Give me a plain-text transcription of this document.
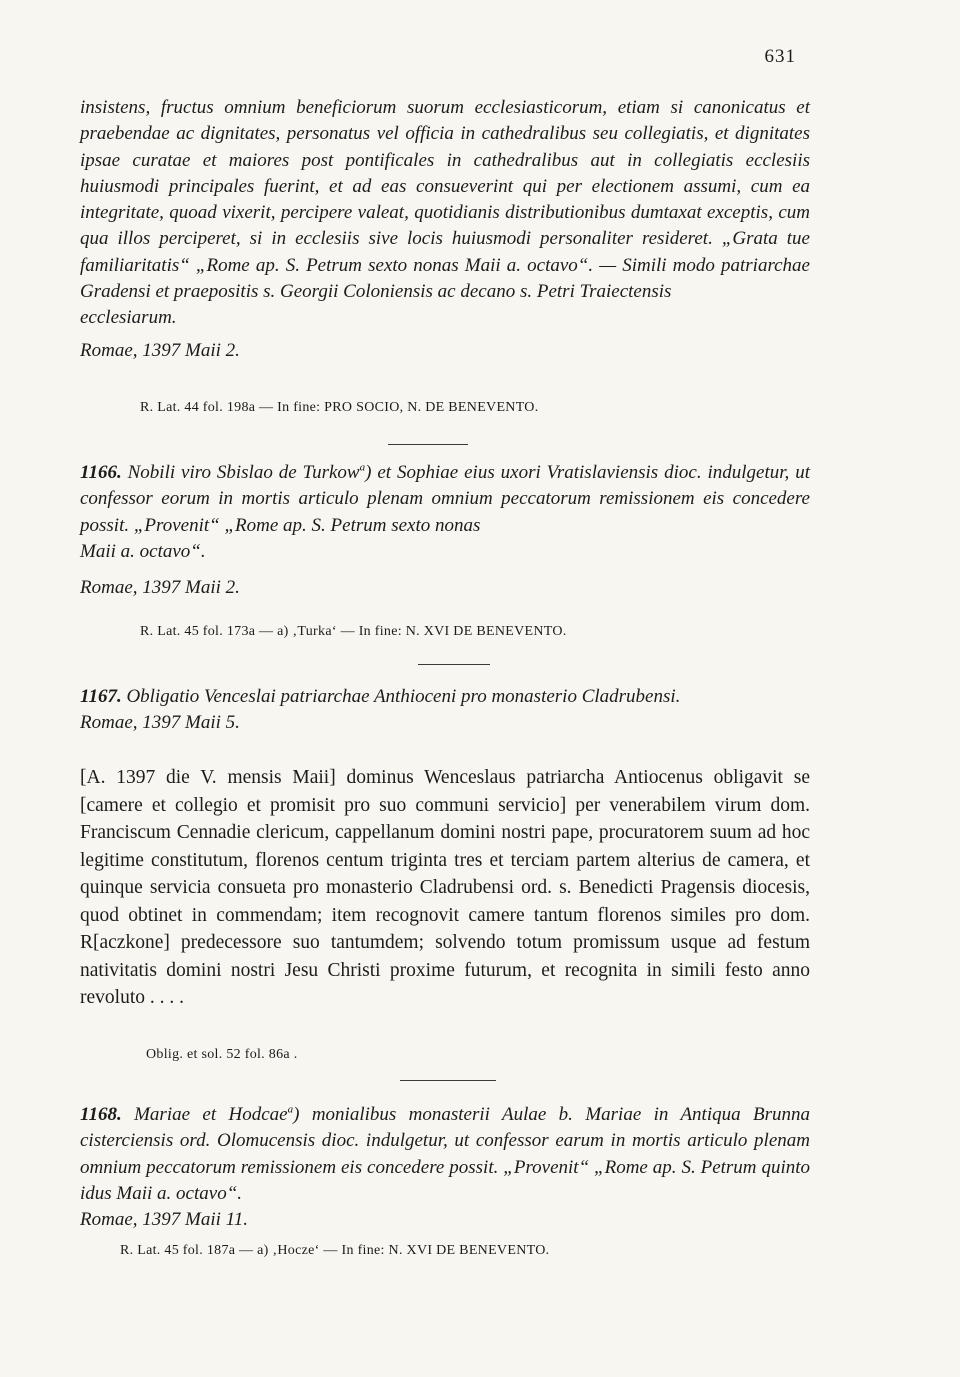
631

insistens, fructus omnium beneficiorum suorum ecclesiasticorum, etiam si canonicatus et praebendae ac dignitates, personatus vel officia in cathedralibus seu collegiatis, et dignitates ipsae curatae et maiores post pontificales in cathedralibus aut in collegiatis ecclesiis huiusmodi principales fuerint, et ad eas consueverint qui per electionem assumi, cum ea integritate, quoad vixerit, percipere valeat, quotidianis distributionibus dumtaxat exceptis, cum qua illos perciperet, si in ecclesiis sive locis huiusmodi personaliter resideret. „Grata tue familiaritatis“ „Rome ap. S. Petrum sexto nonas Maii a. octavo“. — Simili modo patriarchae Gradensi et praepositis s. Georgii Coloniensis ac decano s. Petri Traiectensis

ecclesiarum.

Romae, 1397 Maii 2.

R. Lat. 44 fol. 198a — In fine: PRO SOCIO, N. DE BENEVENTO.

1166. Nobili viro Sbislao de Turkow$^a$) et Sophiae eius uxori Vratislaviensis dioc. indulgetur, ut confessor eorum in mortis articulo plenam omnium peccatorum remissionem eis concedere possit. „Provenit“ „Rome ap. S. Petrum sexto nonas

Maii a. octavo“.

Romae, 1397 Maii 2.

R. Lat. 45 fol. 173a — a) ‚Turka‘ — In fine: N. XVI DE BENEVENTO.

1167. Obligatio Venceslai patriarchae Anthioceni pro monasterio Cladrubensi.

Romae, 1397 Maii 5.

[A. 1397 die V. mensis Maii] dominus Wenceslaus patriarcha Antiocenus obligavit se [camere et collegio et promisit pro suo communi servicio] per venerabilem virum dom. Franciscum Cennadie clericum, cappellanum domini nostri pape, procuratorem suum ad hoc legitime constitutum, florenos centum triginta tres et terciam partem alterius de camera, et quinque servicia consueta pro monasterio Cladrubensi ord. s. Benedicti Pragensis diocesis, quod obtinet in commendam; item recognovit camere tantum florenos similes pro dom. R[aczkone] predecessore suo tantumdem; solvendo totum promissum usque ad festum nativitatis domini nostri Jesu Christi proxime futurum, et recognita in simili festo anno revoluto . . . .

Oblig. et sol. 52 fol. 86a .

1168. Mariae et Hodcae$^a$) monialibus monasterii Aulae b. Mariae in Antiqua Brunna cisterciensis ord. Olomucensis dioc. indulgetur, ut confessor earum in mortis articulo plenam omnium peccatorum remissionem eis concedere possit. „Provenit“ „Rome ap. S. Petrum quinto idus Maii a. octavo“.

Romae, 1397 Maii 11.

R. Lat. 45 fol. 187a — a) ‚Hocze‘ — In fine: N. XVI DE BENEVENTO.
